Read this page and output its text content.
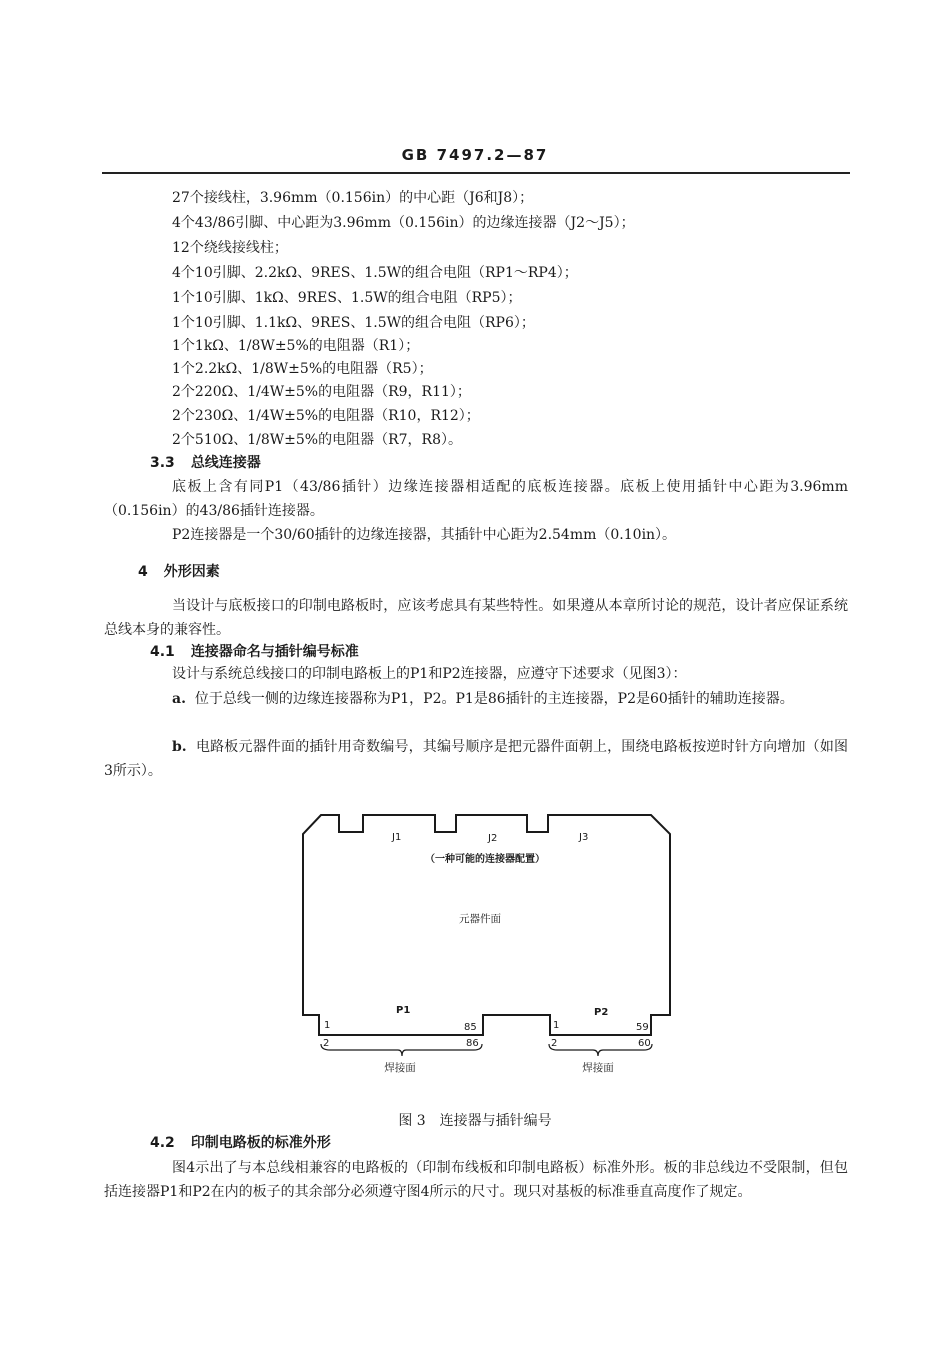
GB 7497.2—87
27个接线柱，3.96mm（0.156in）的中心距（J6和J8）；
4个43/86引脚、中心距为3.96mm（0.156in）的边缘连接器（J2～J5）；
12个绕线接线柱；
4个10引脚、2.2kΩ、9RES、1.5W的组合电阻（RP1～RP4）；
1个10引脚、1kΩ、9RES、1.5W的组合电阻（RP5）；
1个10引脚、1.1kΩ、9RES、1.5W的组合电阻（RP6）；
1个1kΩ、1/8W±5%的电阻器（R1）；
1个2.2kΩ、1/8W±5%的电阻器（R5）；
2个220Ω、1/4W±5%的电阻器（R9，R11）；
2个230Ω、1/4W±5%的电阻器（R10，R12）；
2个510Ω、1/8W±5%的电阻器（R7，R8）。
3.3 总线连接器
底板上含有同P1（43/86插针）边缘连接器相适配的底板连接器。底板上使用插针中心距为3.96mm（0.156in）的43/86插针连接器。
P2连接器是一个30/60插针的边缘连接器，其插针中心距为2.54mm（0.10in）。
4 外形因素
当设计与底板接口的印制电路板时，应该考虑具有某些特性。如果遵从本章所讨论的规范，设计者应保证系统总线本身的兼容性。
4.1 连接器命名与插针编号标准
设计与系统总线接口的印制电路板上的P1和P2连接器，应遵守下述要求（见图3）：
a. 位于总线一侧的边缘连接器称为P1，P2。P1是86插针的主连接器，P2是60插针的辅助连接器。
b. 电路板元器件面的插针用奇数编号，其编号顺序是把元器件面朝上，围绕电路板按逆时针方向增加（如图3所示）。
J1	J2	J3
（一种可能的连接器配置）
元器件面
P1	P2
1	85
2	86
1	59
2	60
焊接面	焊接面
图 3 连接器与插针编号
4.2 印制电路板的标准外形
图4示出了与本总线相兼容的电路板的（印制布线板和印制电路板）标准外形。板的非总线边不受限制，但包括连接器P1和P2在内的板子的其余部分必须遵守图4所示的尺寸。现只对基板的标准垂直高度作了规定。
